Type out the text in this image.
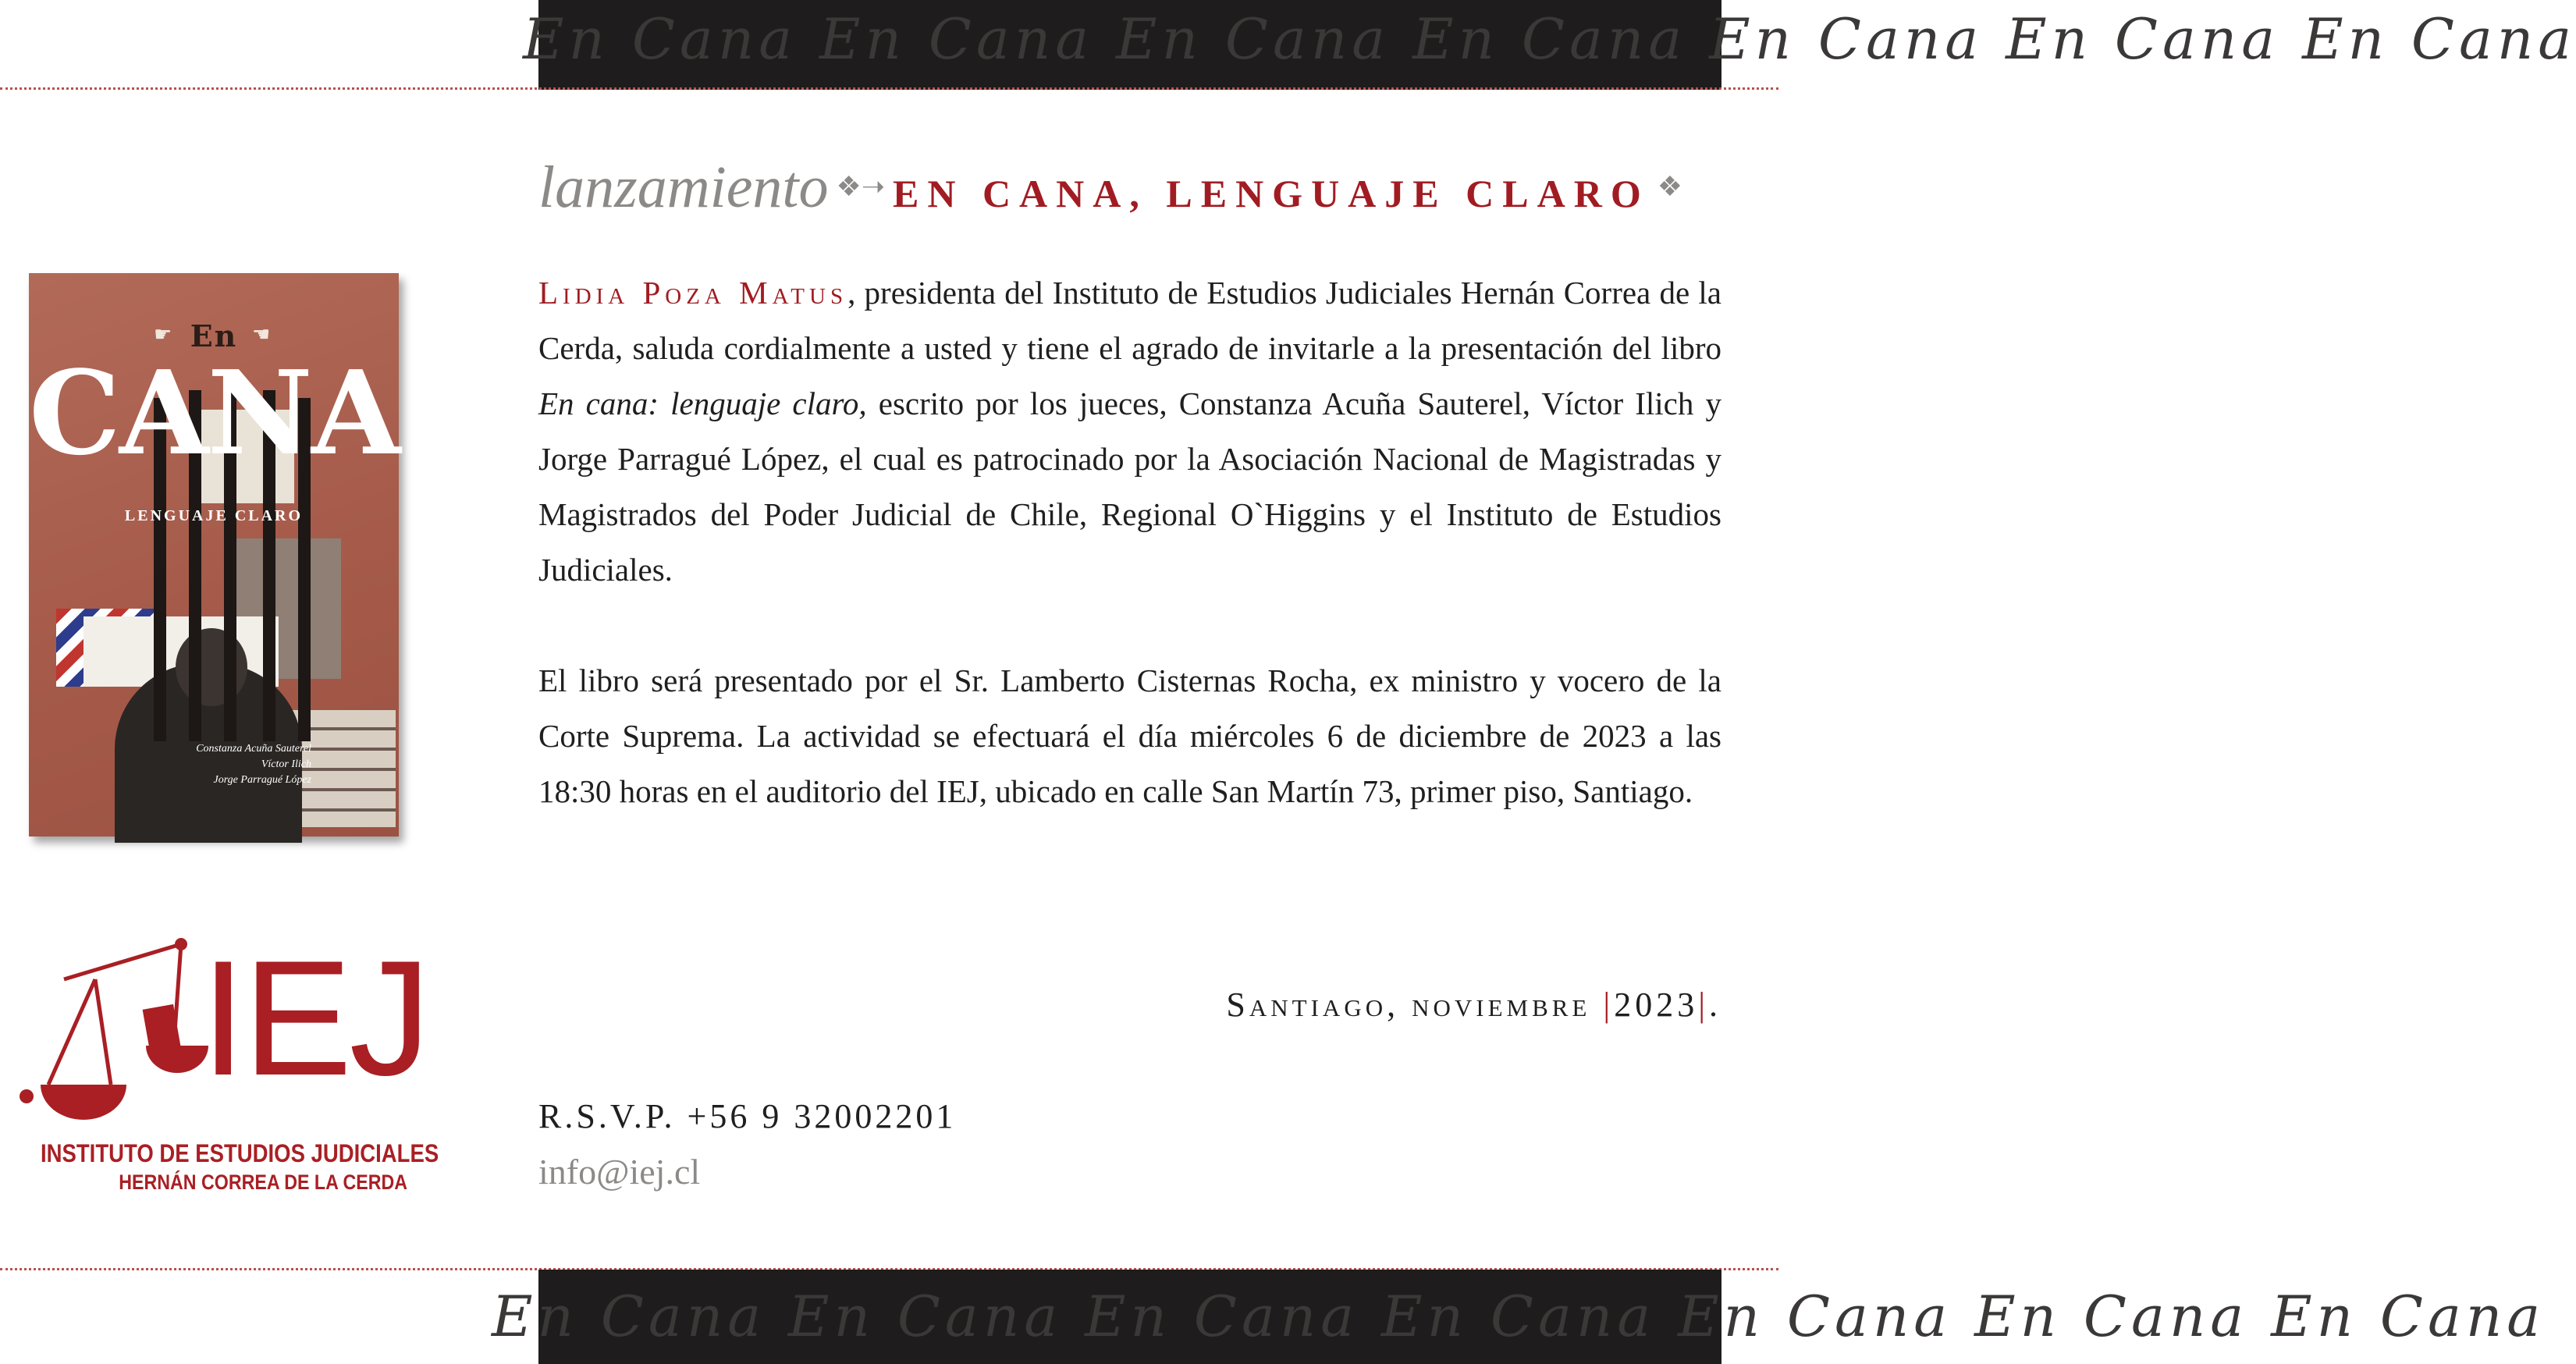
En Cana En Cana En Cana En Cana En Cana En Cana En Cana
☛ En ☚
CANA
LENGUAJE CLARO
Constanza Acuña Sauterel
Víctor Ilich
Jorge Parragué López
IEJ
INSTITUTO DE ESTUDIOS JUDICIALES
HERNÁN CORREA DE LA CERDA
lanzamiento ❖➝ EN CANA, LENGUAJE CLARO ❖

Lidia Poza Matus, presidenta del Instituto de Estudios Judiciales Hernán Correa de la Cerda, saluda cordialmente a usted y tiene el agrado de invitarle a la presentación del libro En cana: lenguaje claro, escrito por los jueces, Constanza Acuña Sauterel, Víctor Ilich y Jorge Parragué López, el cual es patrocinado por la Asociación Nacional de Magistradas y Magistrados del Poder Judicial de Chile, Regional O`Higgins y el Instituto de Estudios Judiciales.

El libro será presentado por el Sr. Lamberto Cisternas Rocha, ex ministro y vocero de la Corte Suprema. La actividad se efectuará el día miércoles 6 de diciembre de 2023 a las 18:30 horas en el auditorio del IEJ, ubicado en calle San Martín 73, primer piso, Santiago.

Santiago, noviembre |2023|.
R.S.V.P. +56 9 32002201
info@iej.cl
En Cana En Cana En Cana En Cana En Cana En Cana En Cana
